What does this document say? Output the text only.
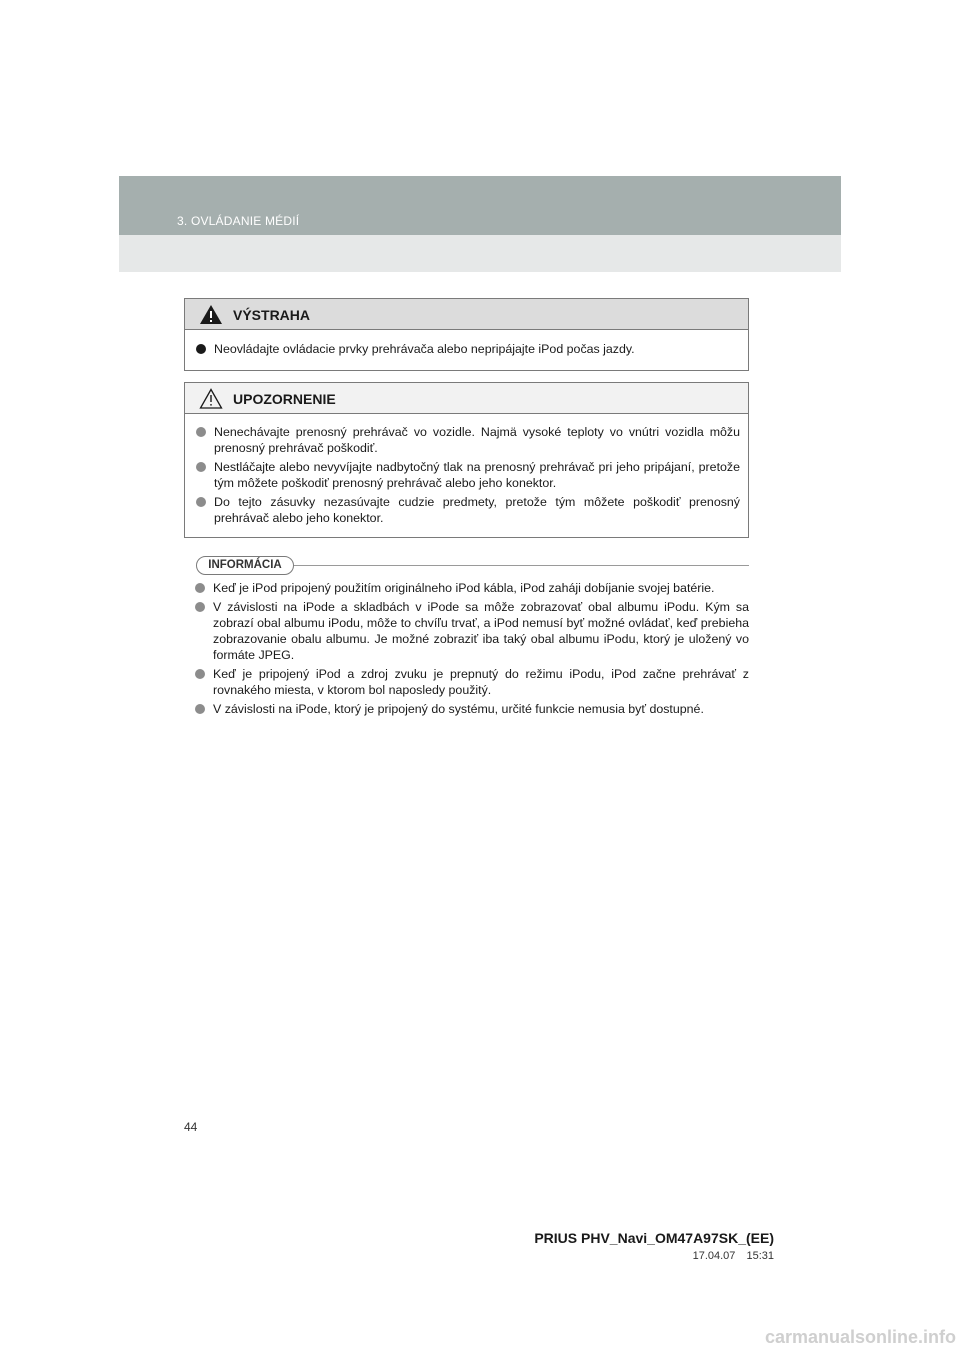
3. OVLÁDANIE MÉDIÍ
VÝSTRAHA
Neovládajte ovládacie prvky prehrávača alebo nepripájajte iPod počas jazdy.
UPOZORNENIE
Nenechávajte prenosný prehrávač vo vozidle. Najmä vysoké teploty vo vnútri vozidla môžu prenosný prehrávač poškodiť.
Nestláčajte alebo nevyvíjajte nadbytočný tlak na prenosný prehrávač pri jeho pripájaní, pretože tým môžete poškodiť prenosný prehrávač alebo jeho konektor.
Do tejto zásuvky nezasúvajte cudzie predmety, pretože tým môžete poškodiť prenosný prehrávač alebo jeho konektor.
INFORMÁCIA
Keď je iPod pripojený použitím originálneho iPod kábla, iPod zaháji dobíjanie svojej batérie.
V závislosti na iPode a skladbách v iPode sa môže zobrazovať obal albumu iPodu. Kým sa zobrazí obal albumu iPodu, môže to chvíľu trvať, a iPod nemusí byť možné ovládať, keď prebieha zobrazovanie obalu albumu. Je možné zobraziť iba taký obal albumu iPodu, ktorý je uložený vo formáte JPEG.
Keď je pripojený iPod a zdroj zvuku je prepnutý do režimu iPodu, iPod začne prehrávať z rovnakého miesta, v ktorom bol naposledy použitý.
V závislosti na iPode, ktorý je pripojený do systému, určité funkcie nemusia byť dostupné.
44
PRIUS PHV_Navi_OM47A97SK_(EE)
17.04.07 15:31
carmanualsonline.info
